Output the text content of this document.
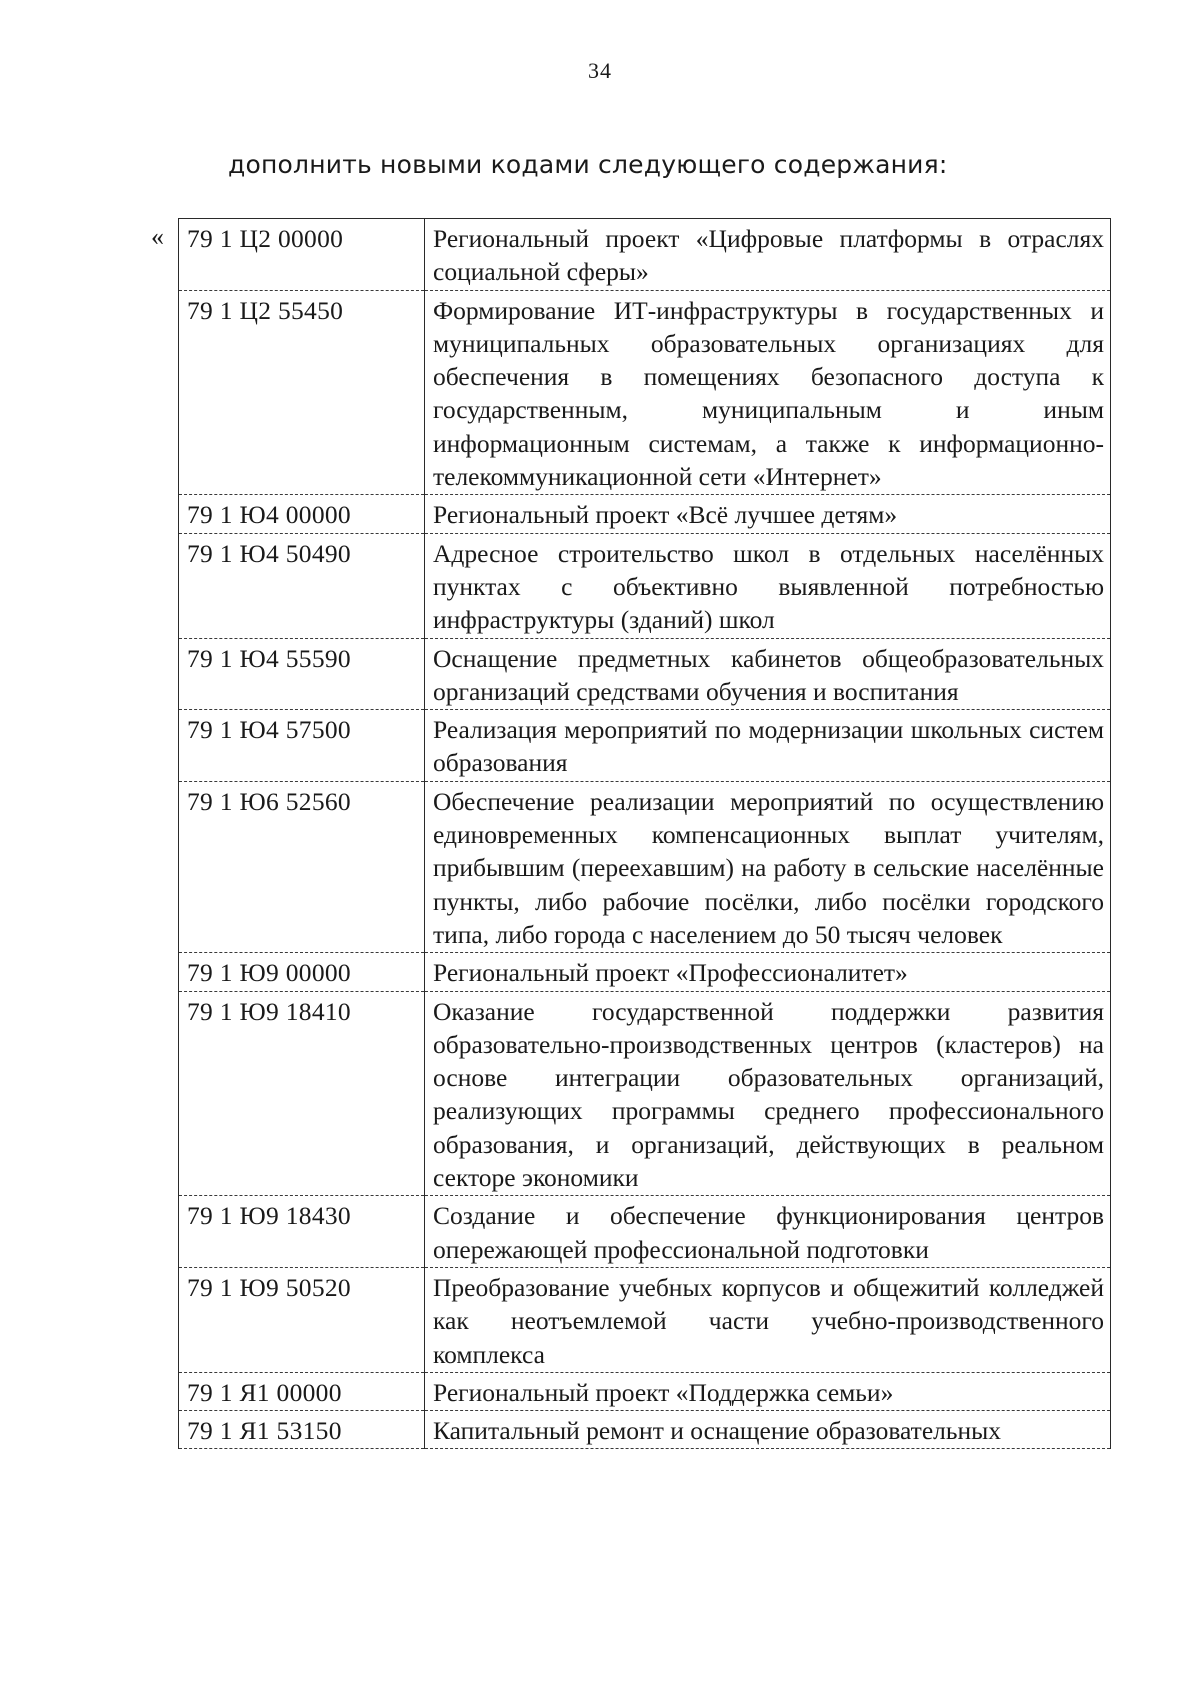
34
дополнить новыми кодами следующего содержания:
« 79 1 Ц2 00000	Региональный проект «Цифровые платформы в отраслях социальной сферы»
79 1 Ц2 55450	Формирование ИТ-инфраструктуры в государственных и муниципальных образовательных организациях для обеспечения в помещениях безопасного доступа к государственным, муниципальным и иным информационным системам, а также к информационно-телекоммуникационной сети «Интернет»
79 1 Ю4 00000	Региональный проект «Всё лучшее детям»
79 1 Ю4 50490	Адресное строительство школ в отдельных населённых пунктах с объективно выявленной потребностью инфраструктуры (зданий) школ
79 1 Ю4 55590	Оснащение предметных кабинетов общеобразовательных организаций средствами обучения и воспитания
79 1 Ю4 57500	Реализация мероприятий по модернизации школьных систем образования
79 1 Ю6 52560	Обеспечение реализации мероприятий по осуществлению единовременных компенсационных выплат учителям, прибывшим (переехавшим) на работу в сельские населённые пункты, либо рабочие посёлки, либо посёлки городского типа, либо города с населением до 50 тысяч человек
79 1 Ю9 00000	Региональный проект «Профессионалитет»
79 1 Ю9 18410	Оказание государственной поддержки развития образовательно-производственных центров (кластеров) на основе интеграции образовательных организаций, реализующих программы среднего профессионального образования, и организаций, действующих в реальном секторе экономики
79 1 Ю9 18430	Создание и обеспечение функционирования центров опережающей профессиональной подготовки
79 1 Ю9 50520	Преобразование учебных корпусов и общежитий колледжей как неотъемлемой части учебно-производственного комплекса
79 1 Я1 00000	Региональный проект «Поддержка семьи»
79 1 Я1 53150	Капитальный ремонт и оснащение образовательных
